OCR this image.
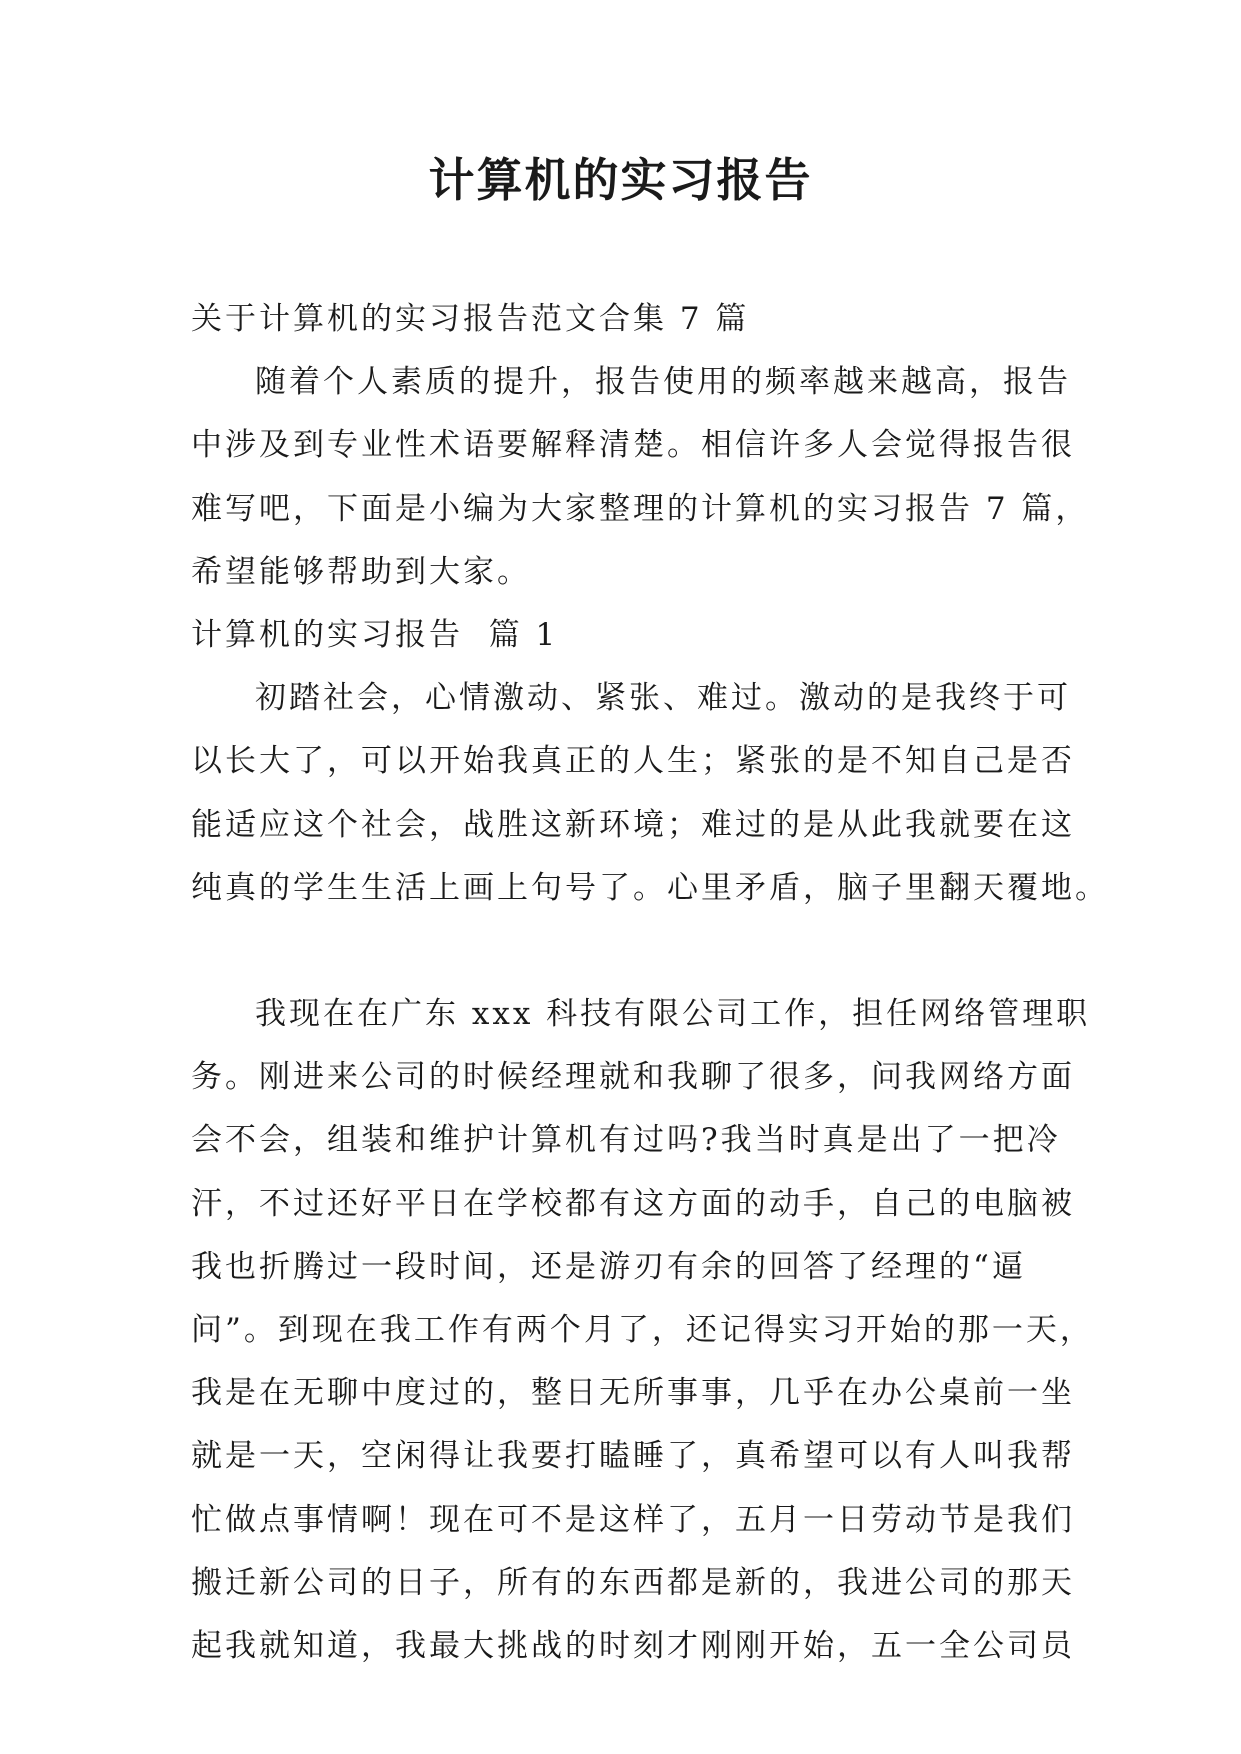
计算机的实习报告

关于计算机的实习报告范文合集 7 篇

随着个人素质的提升，报告使用的频率越来越高，报告

中涉及到专业性术语要解释清楚。相信许多人会觉得报告很

难写吧，下面是小编为大家整理的计算机的实习报告 7 篇，

希望能够帮助到大家。

计算机的实习报告  篇 1

初踏社会，心情激动、紧张、难过。激动的是我终于可

以长大了，可以开始我真正的人生；紧张的是不知自己是否

能适应这个社会，战胜这新环境；难过的是从此我就要在这

纯真的学生生活上画上句号了。心里矛盾，脑子里翻天覆地。

我现在在广东 xxx 科技有限公司工作，担任网络管理职

务。刚进来公司的时候经理就和我聊了很多，问我网络方面

会不会，组装和维护计算机有过吗?我当时真是出了一把冷

汗，不过还好平日在学校都有这方面的动手，自己的电脑被

我也折腾过一段时间，还是游刃有余的回答了经理的“逼

问”。到现在我工作有两个月了，还记得实习开始的那一天，

我是在无聊中度过的，整日无所事事，几乎在办公桌前一坐

就是一天，空闲得让我要打瞌睡了，真希望可以有人叫我帮

忙做点事情啊！现在可不是这样了，五月一日劳动节是我们

搬迁新公司的日子，所有的东西都是新的，我进公司的那天

起我就知道，我最大挑战的时刻才刚刚开始，五一全公司员
